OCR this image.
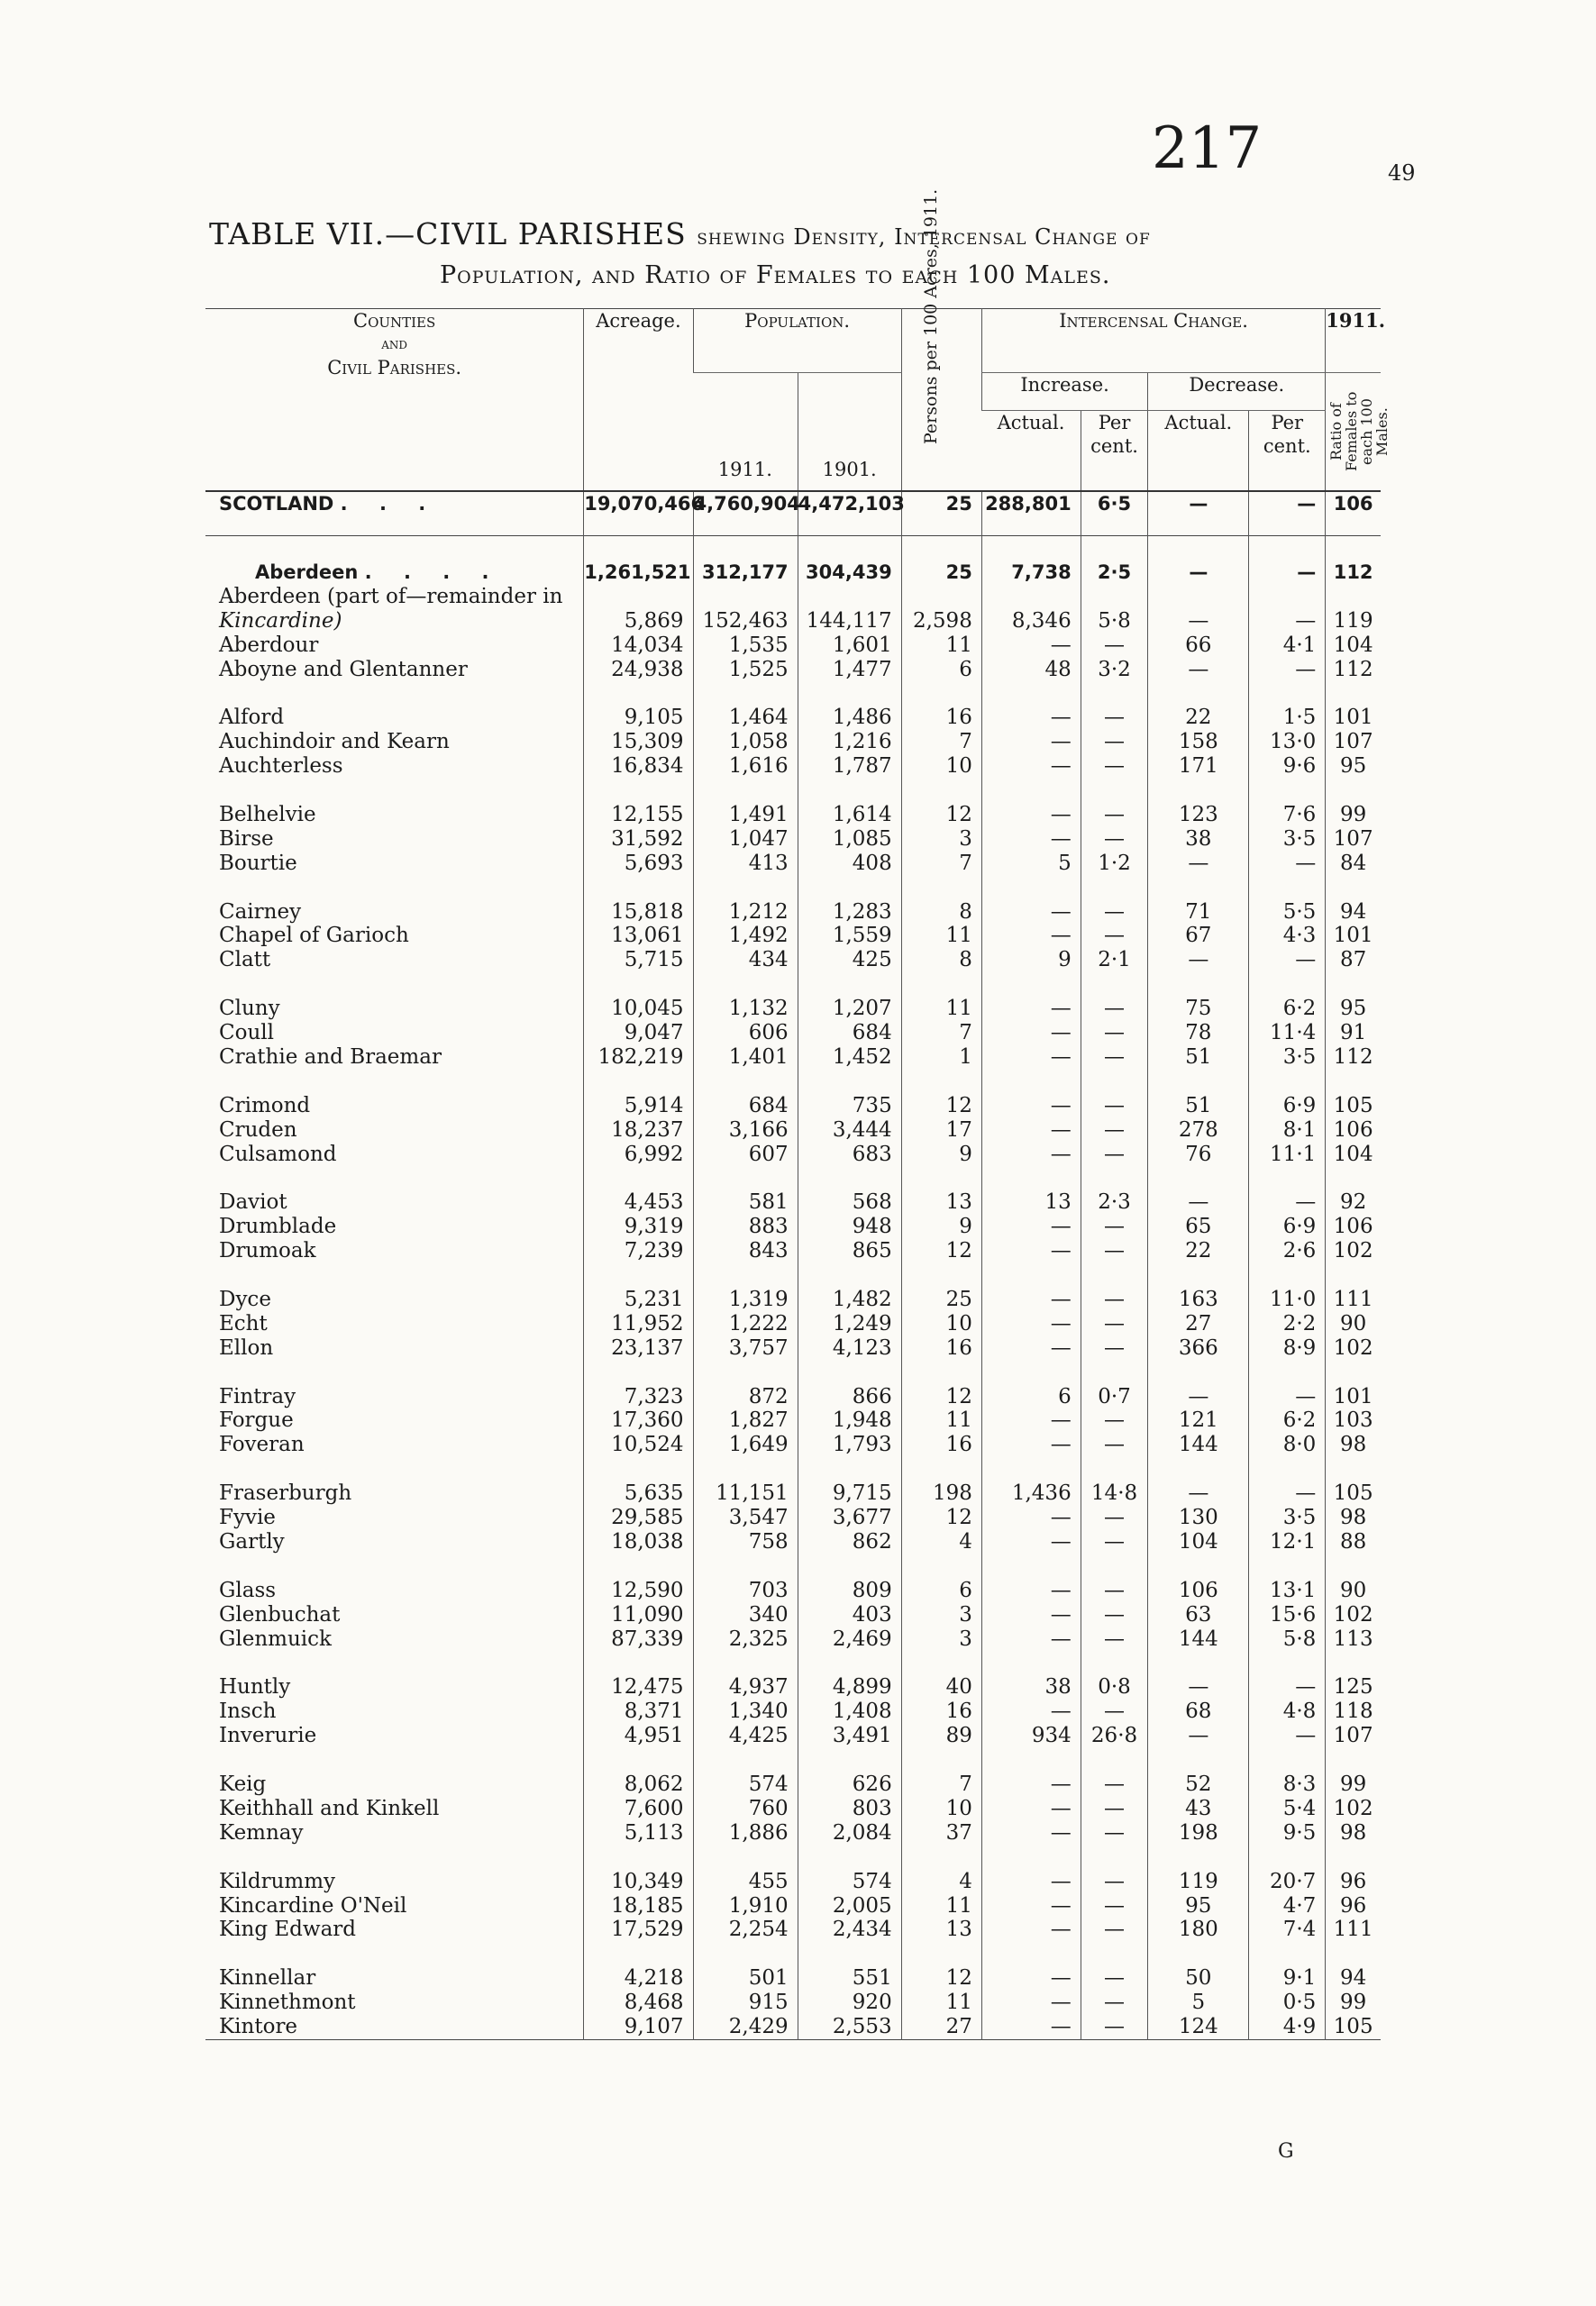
217	49
TABLE VII.—CIVIL PARISHES shewing Density, Intercensal Change of
Population, and Ratio of Females to each 100 Males.
Counties
and
Civil Parishes.	Acreage.	Population.		Persons per 100 Acres, 1911.	Intercensal Change.				1911.
		1911.	1901.		Increase.		Decrease.		Ratio of Females to each 100 Males.

					Actual.	Per cent.	Actual.	Per cent.	
SCOTLAND . . .	19,070,466	4,760,904	4,472,103	25	288,801	6·5	—	—	106

Aberdeen . . . .	1,261,521	312,177	304,439	25	7,738	2·5	—	—	112
Aberdeen (part of—remainder in									
Kincardine)	5,869	152,463	144,117	2,598	8,346	5·8	—	—	119
Aberdour	14,034	1,535	1,601	11	—	—	66	4·1	104
Aboyne and Glentanner	24,938	1,525	1,477	6	48	3·2	—	—	112

Alford	9,105	1,464	1,486	16	—	—	22	1·5	101
Auchindoir and Kearn	15,309	1,058	1,216	7	—	—	158	13·0	107
Auchterless	16,834	1,616	1,787	10	—	—	171	9·6	95

Belhelvie	12,155	1,491	1,614	12	—	—	123	7·6	99
Birse	31,592	1,047	1,085	3	—	—	38	3·5	107
Bourtie	5,693	413	408	7	5	1·2	—	—	84

Cairney	15,818	1,212	1,283	8	—	—	71	5·5	94
Chapel of Garioch	13,061	1,492	1,559	11	—	—	67	4·3	101
Clatt	5,715	434	425	8	9	2·1	—	—	87

Cluny	10,045	1,132	1,207	11	—	—	75	6·2	95
Coull	9,047	606	684	7	—	—	78	11·4	91
Crathie and Braemar	182,219	1,401	1,452	1	—	—	51	3·5	112

Crimond	5,914	684	735	12	—	—	51	6·9	105
Cruden	18,237	3,166	3,444	17	—	—	278	8·1	106
Culsamond	6,992	607	683	9	—	—	76	11·1	104

Daviot	4,453	581	568	13	13	2·3	—	—	92
Drumblade	9,319	883	948	9	—	—	65	6·9	106
Drumoak	7,239	843	865	12	—	—	22	2·6	102

Dyce	5,231	1,319	1,482	25	—	—	163	11·0	111
Echt	11,952	1,222	1,249	10	—	—	27	2·2	90
Ellon	23,137	3,757	4,123	16	—	—	366	8·9	102

Fintray	7,323	872	866	12	6	0·7	—	—	101
Forgue	17,360	1,827	1,948	11	—	—	121	6·2	103
Foveran	10,524	1,649	1,793	16	—	—	144	8·0	98

Fraserburgh	5,635	11,151	9,715	198	1,436	14·8	—	—	105
Fyvie	29,585	3,547	3,677	12	—	—	130	3·5	98
Gartly	18,038	758	862	4	—	—	104	12·1	88

Glass	12,590	703	809	6	—	—	106	13·1	90
Glenbuchat	11,090	340	403	3	—	—	63	15·6	102
Glenmuick	87,339	2,325	2,469	3	—	—	144	5·8	113

Huntly	12,475	4,937	4,899	40	38	0·8	—	—	125
Insch	8,371	1,340	1,408	16	—	—	68	4·8	118
Inverurie	4,951	4,425	3,491	89	934	26·8	—	—	107

Keig	8,062	574	626	7	—	—	52	8·3	99
Keithhall and Kinkell	7,600	760	803	10	—	—	43	5·4	102
Kemnay	5,113	1,886	2,084	37	—	—	198	9·5	98

Kildrummy	10,349	455	574	4	—	—	119	20·7	96
Kincardine O'Neil	18,185	1,910	2,005	11	—	—	95	4·7	96
King Edward	17,529	2,254	2,434	13	—	—	180	7·4	111

Kinnellar	4,218	501	551	12	—	—	50	9·1	94
Kinnethmont	8,468	915	920	11	—	—	5	0·5	99
Kintore	9,107	2,429	2,553	27	—	—	124	4·9	105
G
